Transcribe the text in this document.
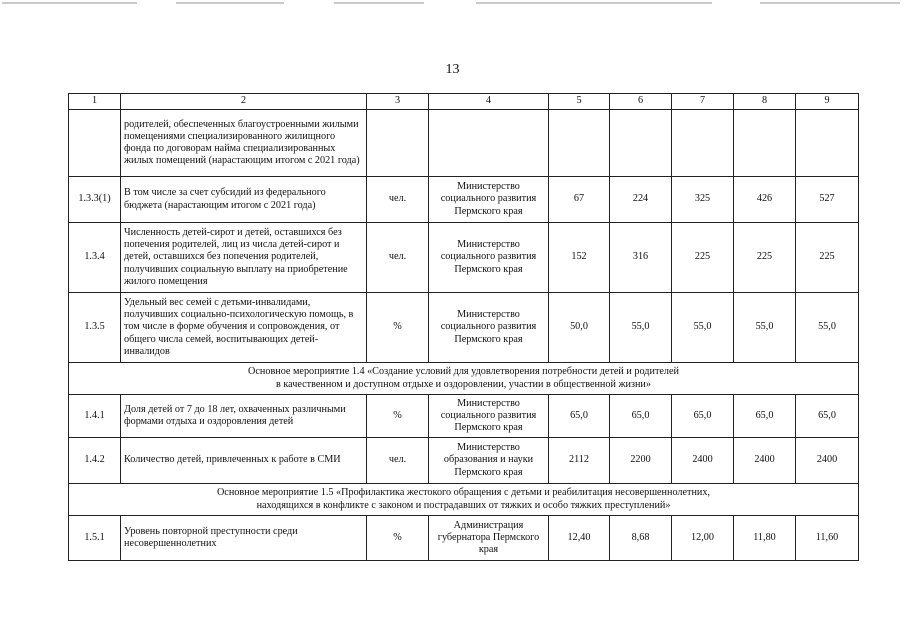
13
1	2	3	4	5	6	7	8	9
	родителей, обеспеченных благоустроенными жилыми помещениями специализированного жилищного фонда по договорам найма специализированных жилых помещений (нарастающим итогом с 2021 года)							
1.3.3(1)	В том числе за счет субсидий из федерального бюджета (нарастающим итогом с 2021 года)	чел.	Министерство социального развития Пермского края	67	224	325	426	527
1.3.4	Численность детей-сирот и детей, оставшихся без попечения родителей, лиц из числа детей-сирот и детей, оставшихся без попечения родителей, получивших социальную выплату на приобретение жилого помещения	чел.	Министерство социального развития Пермского края	152	316	225	225	225
1.3.5	Удельный вес семей с детьми-инвалидами, получивших социально-психологическую помощь, в том числе в форме обучения и сопровождения, от общего числа семей, воспитывающих детей-инвалидов	%	Министерство социального развития Пермского края	50,0	55,0	55,0	55,0	55,0

Основное мероприятие 1.4 «Создание условий для удовлетворения потребности детей и родителей
в качественном и доступном отдыхе и оздоровлении, участии в общественной жизни»								

1.4.1	Доля детей от 7 до 18 лет, охваченных различными формами отдыха и оздоровления детей	%	Министерство социального развития Пермского края	65,0	65,0	65,0	65,0	65,0
1.4.2	Количество детей, привлеченных к работе в СМИ	чел.	Министерство образования и науки Пермского края	2112	2200	2400	2400	2400

Основное мероприятие 1.5 «Профилактика жестокого обращения с детьми и реабилитация несовершеннолетних,
находящихся в конфликте с законом и пострадавших от тяжких и особо тяжких преступлений»								

1.5.1	Уровень повторной преступности среди несовершеннолетних	%	Администрация губернатора Пермского края	12,40	8,68	12,00	11,80	11,60
